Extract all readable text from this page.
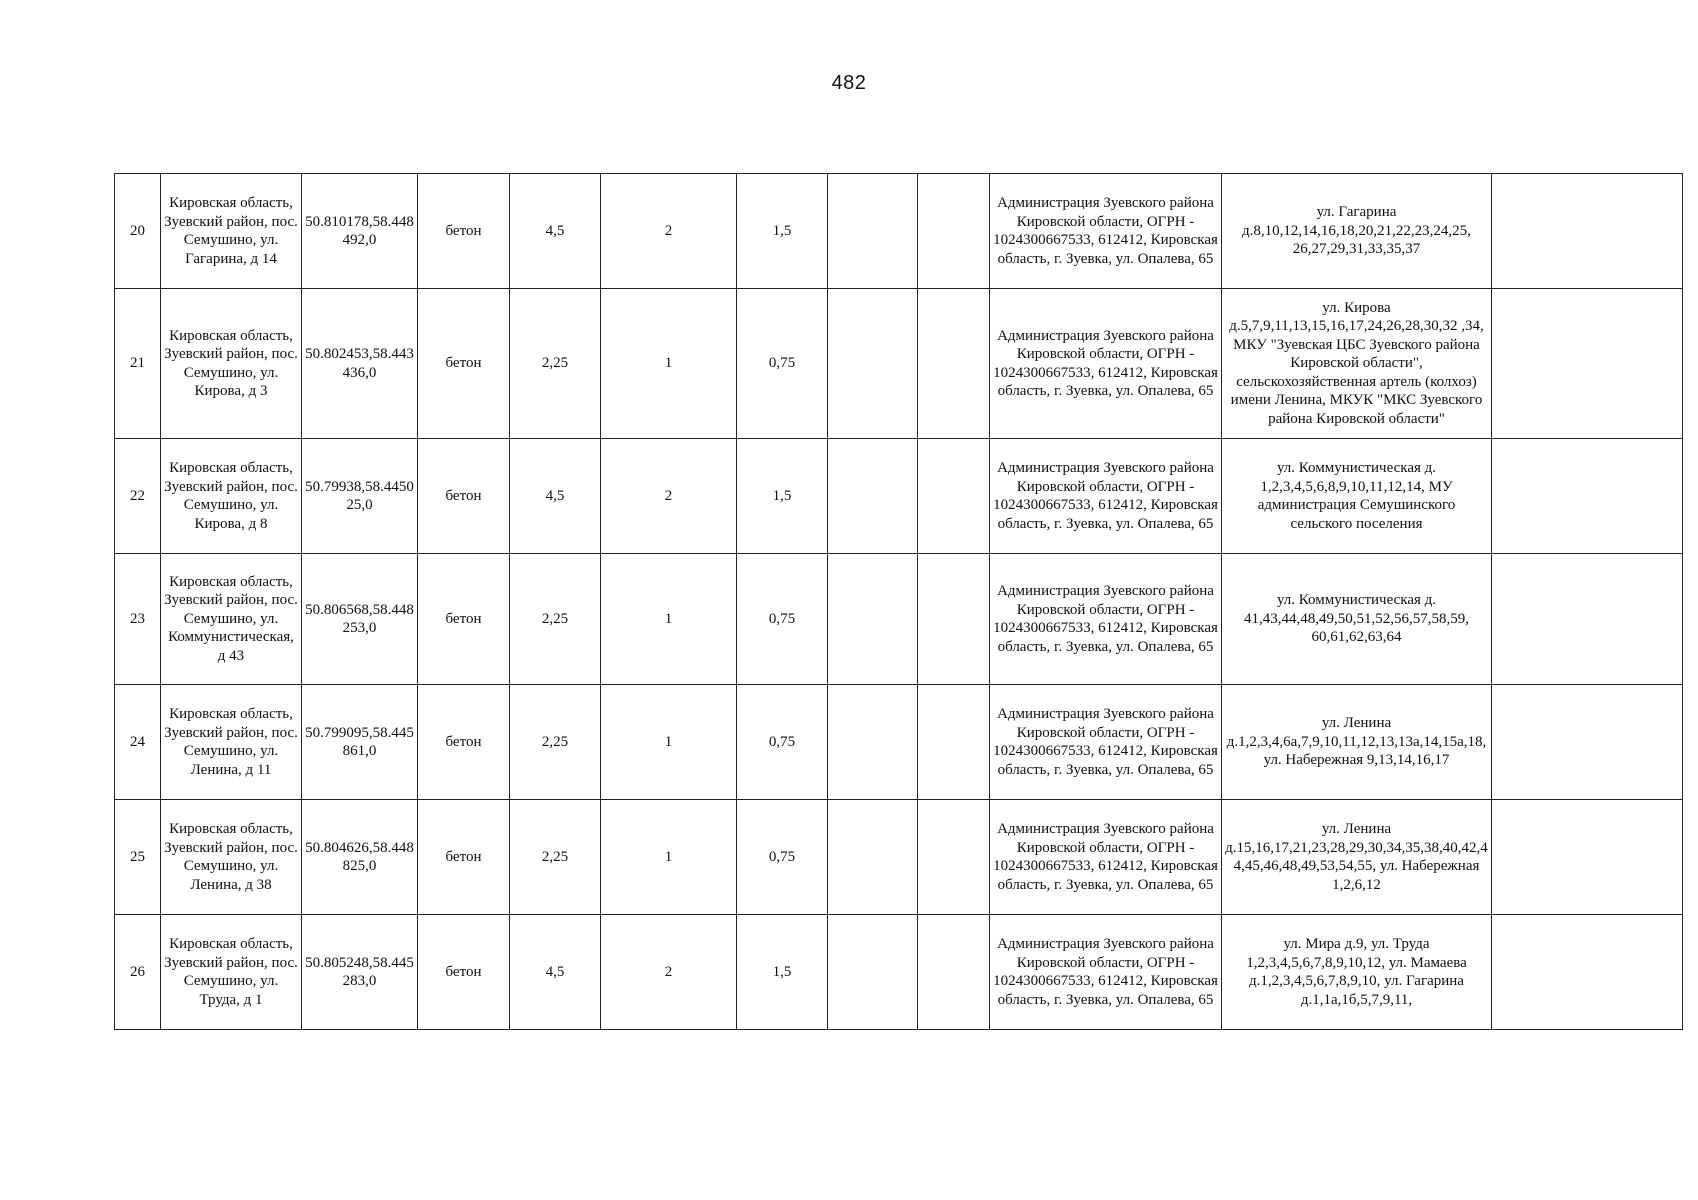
482
20	Кировская область, Зуевский район, пос. Семушино, ул. Гагарина, д 14	50.810178,58.448492,0	бетон	4,5	2	1,5			Администрация Зуевского района Кировской области, ОГРН - 1024300667533, 612412, Кировская область, г. Зуевка, ул. Опалева, 65	ул. Гагарина д.8,10,12,14,16,18,20,21,22,23,24,25, 26,27,29,31,33,35,37	
21	Кировская область, Зуевский район, пос. Семушино, ул. Кирова, д 3	50.802453,58.443436,0	бетон	2,25	1	0,75			Администрация Зуевского района Кировской области, ОГРН - 1024300667533, 612412, Кировская область, г. Зуевка, ул. Опалева, 65	ул. Кирова д.5,7,9,11,13,15,16,17,24,26,28,30,32 ,34, МКУ "Зуевская ЦБС Зуевского района Кировской области", сельскохозяйственная артель (колхоз) имени Ленина, МКУК "МКС Зуевского района Кировской области"	
22	Кировская область, Зуевский район, пос. Семушино, ул. Кирова, д 8	50.79938,58.445025,0	бетон	4,5	2	1,5			Администрация Зуевского района Кировской области, ОГРН - 1024300667533, 612412, Кировская область, г. Зуевка, ул. Опалева, 65	ул. Коммунистическая д. 1,2,3,4,5,6,8,9,10,11,12,14, МУ администрация Семушинского сельского поселения	
23	Кировская область, Зуевский район, пос. Семушино, ул. Коммунистическая, д 43	50.806568,58.448253,0	бетон	2,25	1	0,75			Администрация Зуевского района Кировской области, ОГРН - 1024300667533, 612412, Кировская область, г. Зуевка, ул. Опалева, 65	ул. Коммунистическая д. 41,43,44,48,49,50,51,52,56,57,58,59, 60,61,62,63,64	
24	Кировская область, Зуевский район, пос. Семушино, ул. Ленина, д 11	50.799095,58.445861,0	бетон	2,25	1	0,75			Администрация Зуевского района Кировской области, ОГРН - 1024300667533, 612412, Кировская область, г. Зуевка, ул. Опалева, 65	ул. Ленина д.1,2,3,4,6а,7,9,10,11,12,13,13а,14,15а,18, ул. Набережная 9,13,14,16,17	
25	Кировская область, Зуевский район, пос. Семушино, ул. Ленина, д 38	50.804626,58.448825,0	бетон	2,25	1	0,75			Администрация Зуевского района Кировской области, ОГРН - 1024300667533, 612412, Кировская область, г. Зуевка, ул. Опалева, 65	ул. Ленина д.15,16,17,21,23,28,29,30,34,35,38,40,42,44,45,46,48,49,53,54,55, ул. Набережная 1,2,6,12	
26	Кировская область, Зуевский район, пос. Семушино, ул. Труда, д 1	50.805248,58.445283,0	бетон	4,5	2	1,5			Администрация Зуевского района Кировской области, ОГРН - 1024300667533, 612412, Кировская область, г. Зуевка, ул. Опалева, 65	ул. Мира д.9, ул. Труда 1,2,3,4,5,6,7,8,9,10,12, ул. Мамаева д.1,2,3,4,5,6,7,8,9,10, ул. Гагарина д.1,1а,1б,5,7,9,11,	
